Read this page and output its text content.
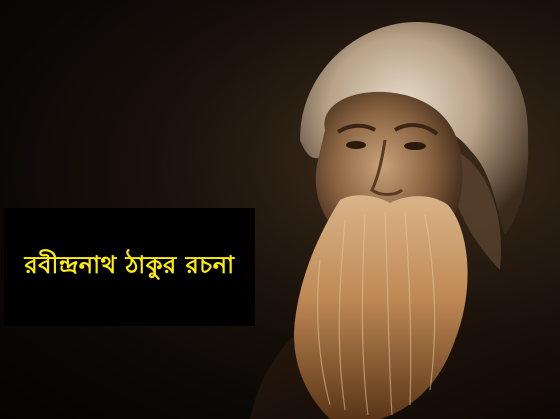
রবীন্দ্রনাথ ঠাকুর রচনা
